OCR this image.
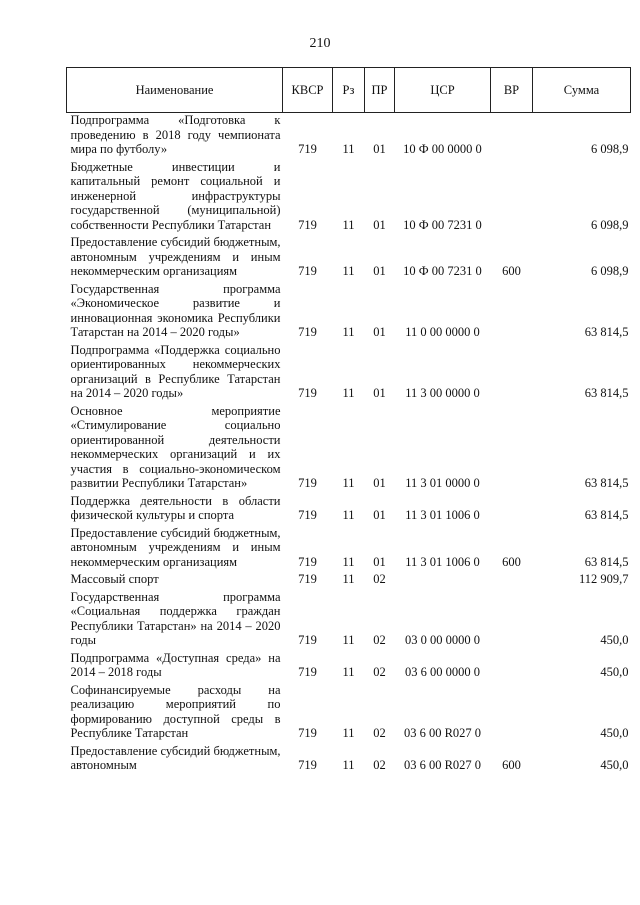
210
Наименование	КВСР	Рз	ПР	ЦСР	ВР	Сумма
Подпрограмма «Подготовка к проведению в 2018 году чемпионата мира по футболу»	719	11	01	10 Ф 00 0000 0		6 098,9
Бюджетные инвестиции и капитальный ремонт социальной и инженерной инфраструктуры государственной (муниципальной) собственности Республики Татарстан	719	11	01	10 Ф 00 7231 0		6 098,9
Предоставление субсидий бюджетным, автономным учреждениям и иным некоммерческим организациям	719	11	01	10 Ф 00 7231 0	600	6 098,9
Государственная программа «Экономическое развитие и инновационная экономика Республики Татарстан на 2014 – 2020 годы»	719	11	01	11 0 00 0000 0		63 814,5
Подпрограмма «Поддержка социально ориентированных некоммерческих организаций в Республике Татарстан на 2014 – 2020 годы»	719	11	01	11 3 00 0000 0		63 814,5
Основное мероприятие «Стимулирование социально ориентированной деятельности некоммерческих организаций и их участия в социально-экономическом развитии Республики Татарстан»	719	11	01	11 3 01 0000 0		63 814,5
Поддержка деятельности в области физической культуры и спорта	719	11	01	11 3 01 1006 0		63 814,5
Предоставление субсидий бюджетным, автономным учреждениям и иным некоммерческим организациям	719	11	01	11 3 01 1006 0	600	63 814,5
Массовый спорт	719	11	02			112 909,7
Государственная программа «Социальная поддержка граждан Республики Татарстан» на 2014 – 2020 годы	719	11	02	03 0 00 0000 0		450,0
Подпрограмма «Доступная среда» на 2014 – 2018 годы	719	11	02	03 6 00 0000 0		450,0
Софинансируемые расходы на реализацию мероприятий по формированию доступной среды в Республике Татарстан	719	11	02	03 6 00 R027 0		450,0
Предоставление субсидий бюджетным, автономным	719	11	02	03 6 00 R027 0	600	450,0
